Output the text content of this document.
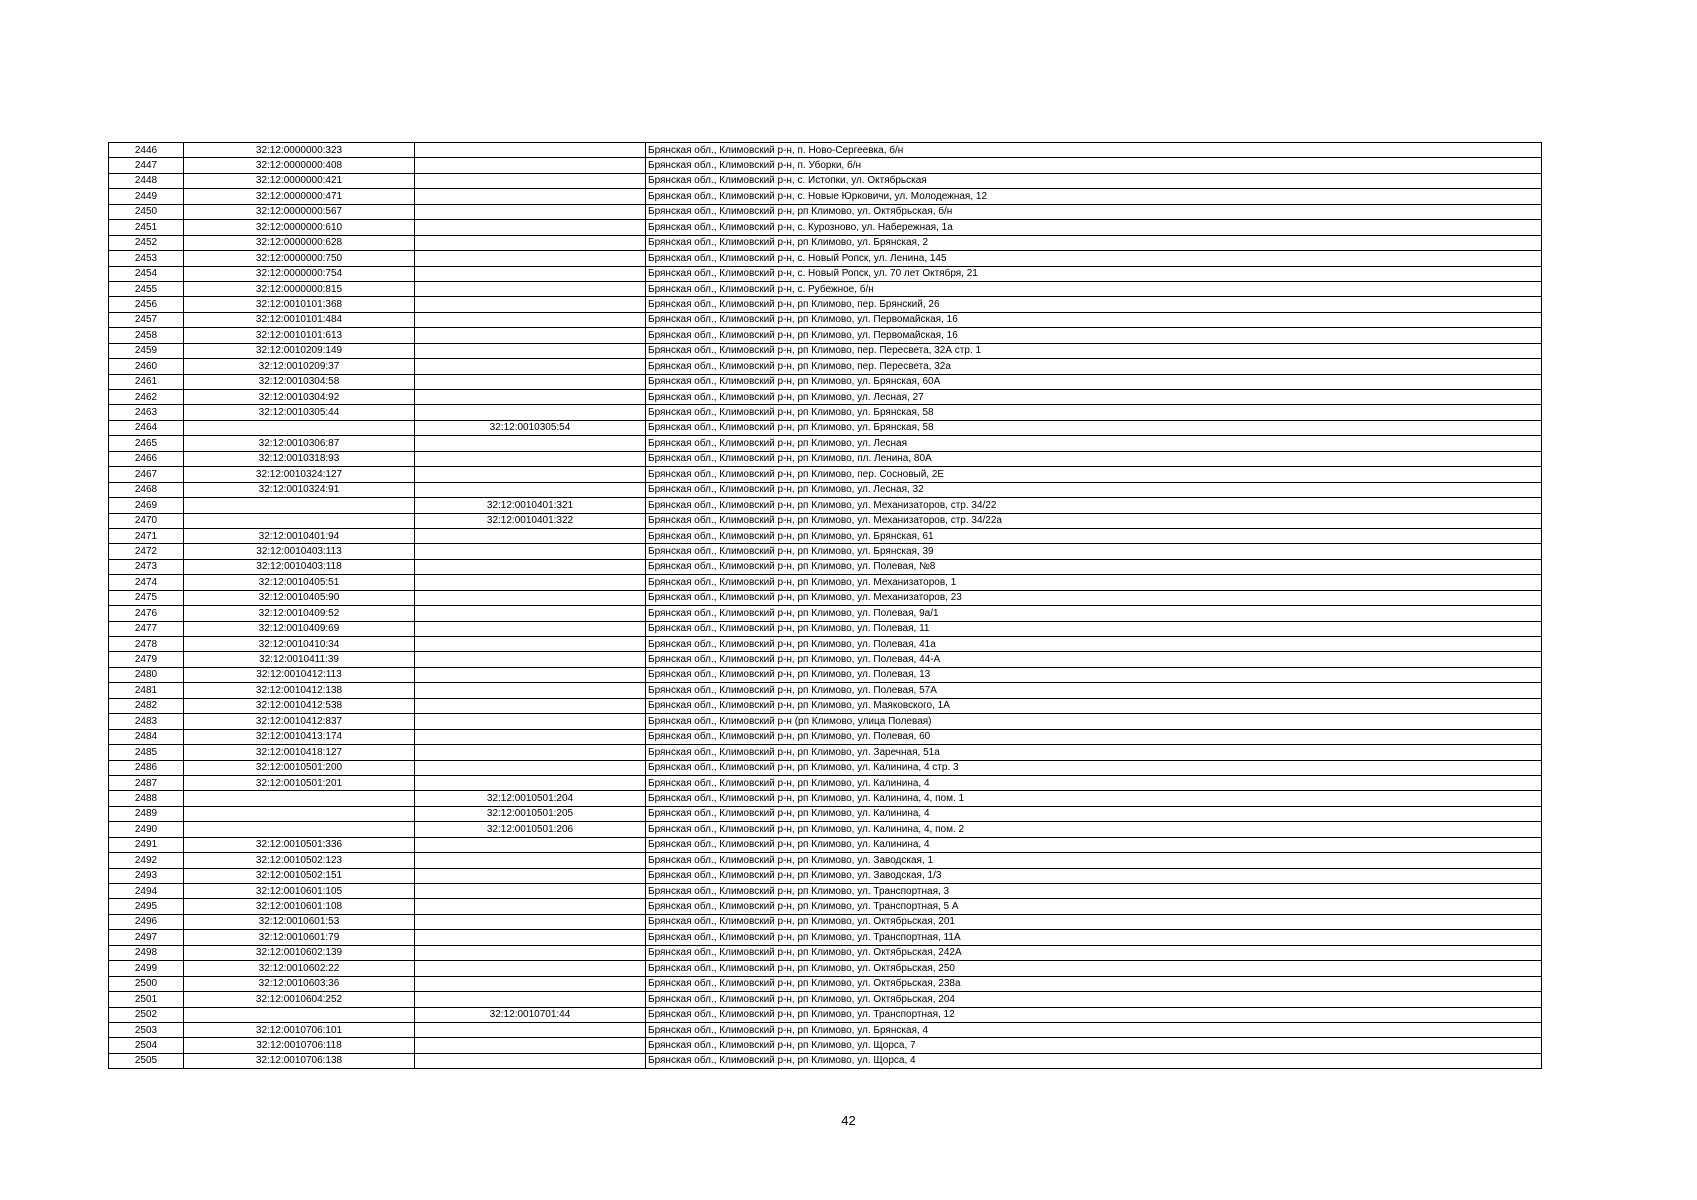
2446	32:12:0000000:323		Брянская обл., Климовский р-н, п. Ново-Сергеевка, б/н
2447	32:12:0000000:408		Брянская обл., Климовский р-н, п. Уборки, б/н
2448	32:12:0000000:421		Брянская обл., Климовский р-н, с. Истопки, ул. Октябрьская
2449	32:12:0000000:471		Брянская обл., Климовский р-н, с. Новые Юрковичи, ул. Молодежная, 12
2450	32:12:0000000:567		Брянская обл., Климовский р-н, рп Климово, ул. Октябрьская, б/н
2451	32:12:0000000:610		Брянская обл., Климовский р-н, с. Курозново, ул. Набережная, 1а
2452	32:12:0000000:628		Брянская обл., Климовский р-н, рп Климово, ул. Брянская, 2
2453	32:12:0000000:750		Брянская обл., Климовский р-н, с. Новый Ропск, ул. Ленина, 145
2454	32:12:0000000:754		Брянская обл., Климовский р-н, с. Новый Ропск, ул. 70 лет Октября, 21
2455	32:12:0000000:815		Брянская обл., Климовский р-н, с. Рубежное, б/н
2456	32:12:0010101:368		Брянская обл., Климовский р-н, рп Климово, пер. Брянский, 26
2457	32:12:0010101:484		Брянская обл., Климовский р-н, рп Климово, ул. Первомайская, 16
2458	32:12:0010101:613		Брянская обл., Климовский р-н, рп Климово, ул. Первомайская, 16
2459	32:12:0010209:149		Брянская обл., Климовский р-н, рп Климово, пер. Пересвета, 32А стр. 1
2460	32:12:0010209:37		Брянская обл., Климовский р-н, рп Климово, пер. Пересвета, 32а
2461	32:12:0010304:58		Брянская обл., Климовский р-н, рп Климово, ул. Брянская, 60А
2462	32:12:0010304:92		Брянская обл., Климовский р-н, рп Климово, ул. Лесная, 27
2463	32:12:0010305:44		Брянская обл., Климовский р-н, рп Климово, ул. Брянская, 58
2464		32:12:0010305:54	Брянская обл., Климовский р-н, рп Климово, ул. Брянская, 58
2465	32:12:0010306:87		Брянская обл., Климовский р-н, рп Климово, ул. Лесная
2466	32:12:0010318:93		Брянская обл., Климовский р-н, рп Климово, пл. Ленина, 80А
2467	32:12:0010324:127		Брянская обл., Климовский р-н, рп Климово, пер. Сосновый, 2Е
2468	32:12:0010324:91		Брянская обл., Климовский р-н, рп Климово, ул. Лесная, 32
2469		32:12:0010401:321	Брянская обл., Климовский р-н, рп Климово, ул. Механизаторов, стр. 34/22
2470		32:12:0010401:322	Брянская обл., Климовский р-н, рп Климово, ул. Механизаторов, стр. 34/22а
2471	32:12:0010401:94		Брянская обл., Климовский р-н, рп Климово, ул. Брянская, 61
2472	32:12:0010403:113		Брянская обл., Климовский р-н, рп Климово, ул. Брянская, 39
2473	32:12:0010403:118		Брянская обл., Климовский р-н, рп Климово, ул. Полевая, №8
2474	32:12:0010405:51		Брянская обл., Климовский р-н, рп Климово, ул. Механизаторов, 1
2475	32:12:0010405:90		Брянская обл., Климовский р-н, рп Климово, ул. Механизаторов, 23
2476	32:12:0010409:52		Брянская обл., Климовский р-н, рп Климово, ул. Полевая, 9а/1
2477	32:12:0010409:69		Брянская обл., Климовский р-н, рп Климово, ул. Полевая, 11
2478	32:12:0010410:34		Брянская обл., Климовский р-н, рп Климово, ул. Полевая, 41а
2479	32:12:0010411:39		Брянская обл., Климовский р-н, рп Климово, ул. Полевая, 44-А
2480	32:12:0010412:113		Брянская обл., Климовский р-н, рп Климово, ул. Полевая, 13
2481	32:12:0010412:138		Брянская обл., Климовский р-н, рп Климово, ул. Полевая, 57А
2482	32:12:0010412:538		Брянская обл., Климовский р-н, рп Климово, ул. Маяковского, 1А
2483	32:12:0010412:837		Брянская обл., Климовский р-н (рп Климово, улица Полевая)
2484	32:12:0010413:174		Брянская обл., Климовский р-н, рп Климово, ул. Полевая, 60
2485	32:12:0010418:127		Брянская обл., Климовский р-н, рп Климово, ул. Заречная, 51а
2486	32:12:0010501:200		Брянская обл., Климовский р-н, рп Климово, ул. Калинина, 4 стр. 3
2487	32:12:0010501:201		Брянская обл., Климовский р-н, рп Климово, ул. Калинина, 4
2488		32:12:0010501:204	Брянская обл., Климовский р-н, рп Климово, ул. Калинина, 4, пом. 1
2489		32:12:0010501:205	Брянская обл., Климовский р-н, рп Климово, ул. Калинина, 4
2490		32:12:0010501:206	Брянская обл., Климовский р-н, рп Климово, ул. Калинина, 4, пом. 2
2491	32:12:0010501:336		Брянская обл., Климовский р-н, рп Климово, ул. Калинина, 4
2492	32:12:0010502:123		Брянская обл., Климовский р-н, рп Климово, ул. Заводская, 1
2493	32:12:0010502:151		Брянская обл., Климовский р-н, рп Климово, ул. Заводская, 1/3
2494	32:12:0010601:105		Брянская обл., Климовский р-н, рп Климово, ул. Транспортная, 3
2495	32:12:0010601:108		Брянская обл., Климовский р-н, рп Климово, ул. Транспортная, 5 А
2496	32:12:0010601:53		Брянская обл., Климовский р-н, рп Климово, ул. Октябрьская, 201
2497	32:12:0010601:79		Брянская обл., Климовский р-н, рп Климово, ул. Транспортная, 11А
2498	32:12:0010602:139		Брянская обл., Климовский р-н, рп Климово, ул. Октябрьская, 242А
2499	32:12:0010602:22		Брянская обл., Климовский р-н, рп Климово, ул. Октябрьская, 250
2500	32:12:0010603:36		Брянская обл., Климовский р-н, рп Климово, ул. Октябрьская, 238а
2501	32:12:0010604:252		Брянская обл., Климовский р-н, рп Климово, ул. Октябрьская, 204
2502		32:12:0010701:44	Брянская обл., Климовский р-н, рп Климово, ул. Транспортная, 12
2503	32:12:0010706:101		Брянская обл., Климовский р-н, рп Климово, ул. Брянская, 4
2504	32:12:0010706:118		Брянская обл., Климовский р-н, рп Климово, ул. Щорса, 7
2505	32:12:0010706:138		Брянская обл., Климовский р-н, рп Климово, ул. Щорса, 4
42
